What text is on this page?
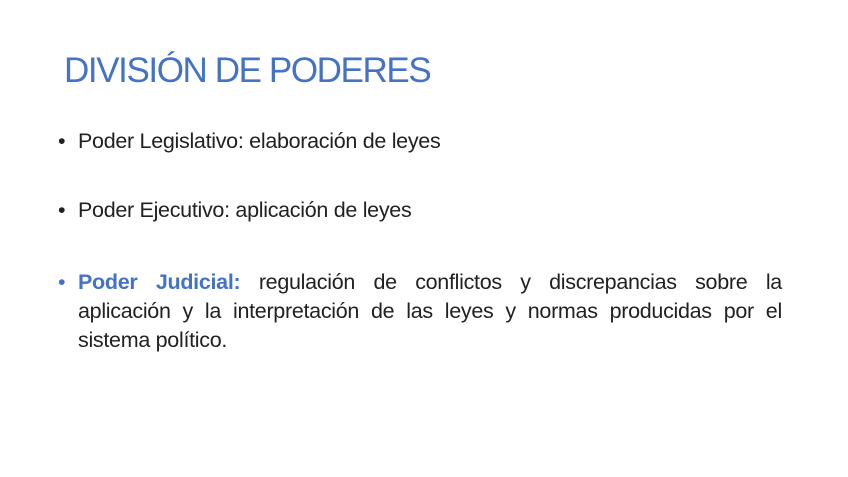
DIVISIÓN DE PODERES
• Poder Legislativo: elaboración de leyes
• Poder Ejecutivo: aplicación de leyes
• Poder Judicial: regulación de conflictos y discrepancias sobre la
aplicación y la interpretación de las leyes y normas producidas por el
sistema político.
